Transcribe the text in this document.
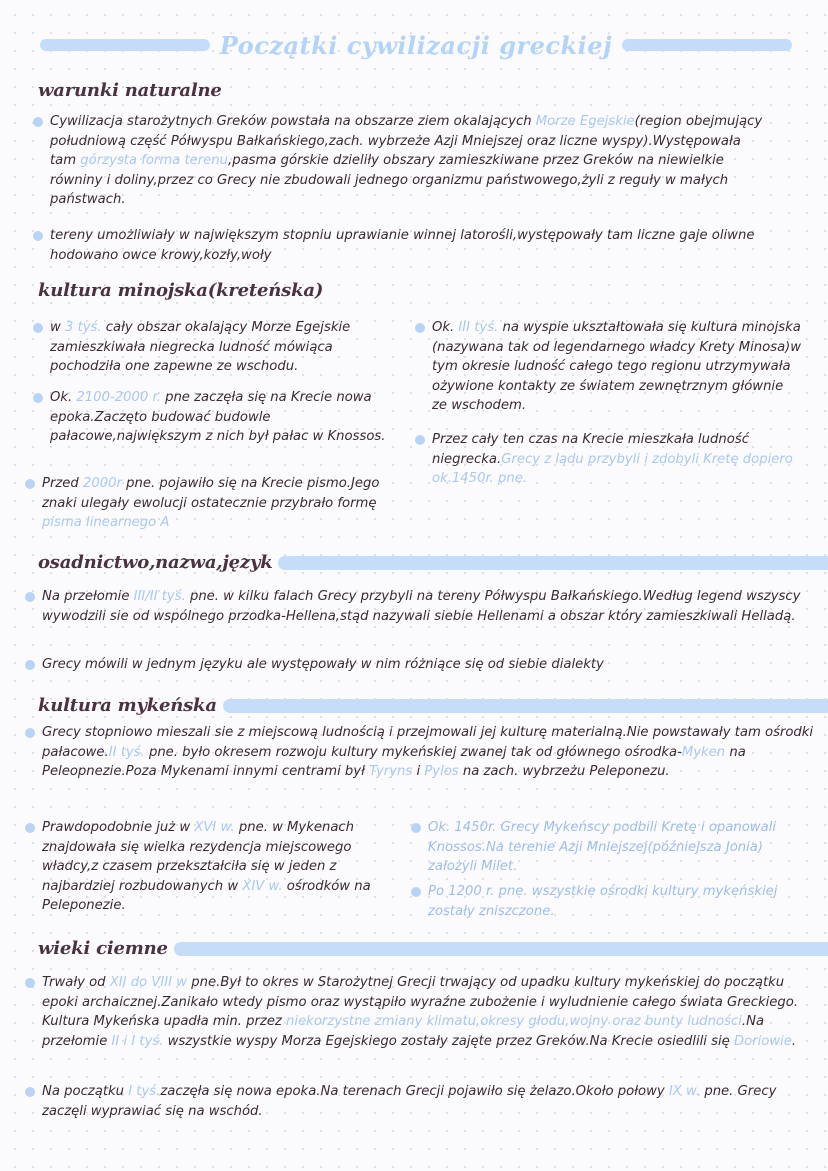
Początki cywilizacji greckiej
warunki naturalne
Cywilizacja starożytnych Greków powstała na obszarze ziem okalających Morze Egejskie(region obejmujący południową część Półwyspu Bałkańskiego,zach. wybrzeże Azji Mniejszej oraz liczne wyspy).Występowała tam górzysta forma terenu,pasma górskie dzieliły obszary zamieszkiwane przez Greków na niewielkie równiny i doliny,przez co Grecy nie zbudowali jednego organizmu państwowego,żyli z reguły w małych państwach.
tereny umożliwiały w największym stopniu uprawianie winnej latorośli,występowały tam liczne gaje oliwne hodowano owce krowy,kozły,woły
kultura minojska(kreteńska)
w 3 tyś. cały obszar okalający Morze Egejskie zamieszkiwała niegrecka ludność mówiąca pochodziła one zapewne ze wschodu.
Ok. 2100-2000 r. pne zaczęła się na Krecie nowa epoka.Zaczęto budować budowle pałacowe,największym z nich był pałac w Knossos.
Przed 2000r pne. pojawiło się na Krecie pismo.Jego znaki ulegały ewolucji ostatecznie przybrało formę pisma linearnego A
Ok. III tyś. na wyspie ukształtowała się kultura minojska (nazywana tak od legendarnego władcy Krety Minosa)w tym okresie ludność całego tego regionu utrzymywała ożywione kontakty ze światem zewnętrznym głównie ze wschodem.
Przez cały ten czas na Krecie mieszkała ludność niegrecka.Grecy z lądu przybyli i zdobyli Kretę dopiero ok.1450r. pne.
osadnictwo,nazwa,język
Na przełomie III/II tyś. pne. w kilku falach Grecy przybyli na tereny Półwyspu Bałkańskiego.Według legend wszyscy wywodzili sie od wspólnego przodka-Hellena,stąd nazywali siebie Hellenami a obszar który zamieszkiwali Helladą.
Grecy mówili w jednym języku ale występowały w nim różniące się od siebie dialekty
kultura mykeńska
Grecy stopniowo mieszali sie z miejscową ludnością i przejmowali jej kulturę materialną.Nie powstawały tam ośrodki pałacowe.II tyś. pne. było okresem rozwoju kultury mykeńskiej zwanej tak od głównego ośrodka-Myken na Peleopnezie.Poza Mykenami innymi centrami był Tyryns i Pylos na zach. wybrzeżu Peleponezu.
Prawdopodobnie już w XVI w. pne. w Mykenach znajdowała się wielka rezydencja miejscowego władcy,z czasem przekształciła się w jeden z najbardziej rozbudowanych w XIV w. ośrodków na Peleponezie.
Ok. 1450r. Grecy Mykeńscy podbili Kretę i opanowali Knossos.Na terenie Azji Mniejszej(późniejsza Jonia) założyli Milet.
Po 1200 r. pne. wszystkie ośrodki kultury mykeńskiej zostały zniszczone.
wieki ciemne
Trwały od XII do VIII w pne.Był to okres w Starożytnej Grecji trwający od upadku kultury mykeńskiej do początku epoki archaicznej.Zanikało wtedy pismo oraz wystąpiło wyraźne zubożenie i wyludnienie całego świata Greckiego. Kultura Mykeńska upadła min. przez niekorzystne zmiany klimatu,okresy głodu,wojny oraz bunty ludności.Na przełomie II i I tyś. wszystkie wyspy Morza Egejskiego zostały zajęte przez Greków.Na Krecie osiedlili się Doriowie.
Na początku I tyś.zaczęła się nowa epoka.Na terenach Grecji pojawiło się żelazo.Około połowy IX w. pne. Grecy zaczęli wyprawiać się na wschód.
